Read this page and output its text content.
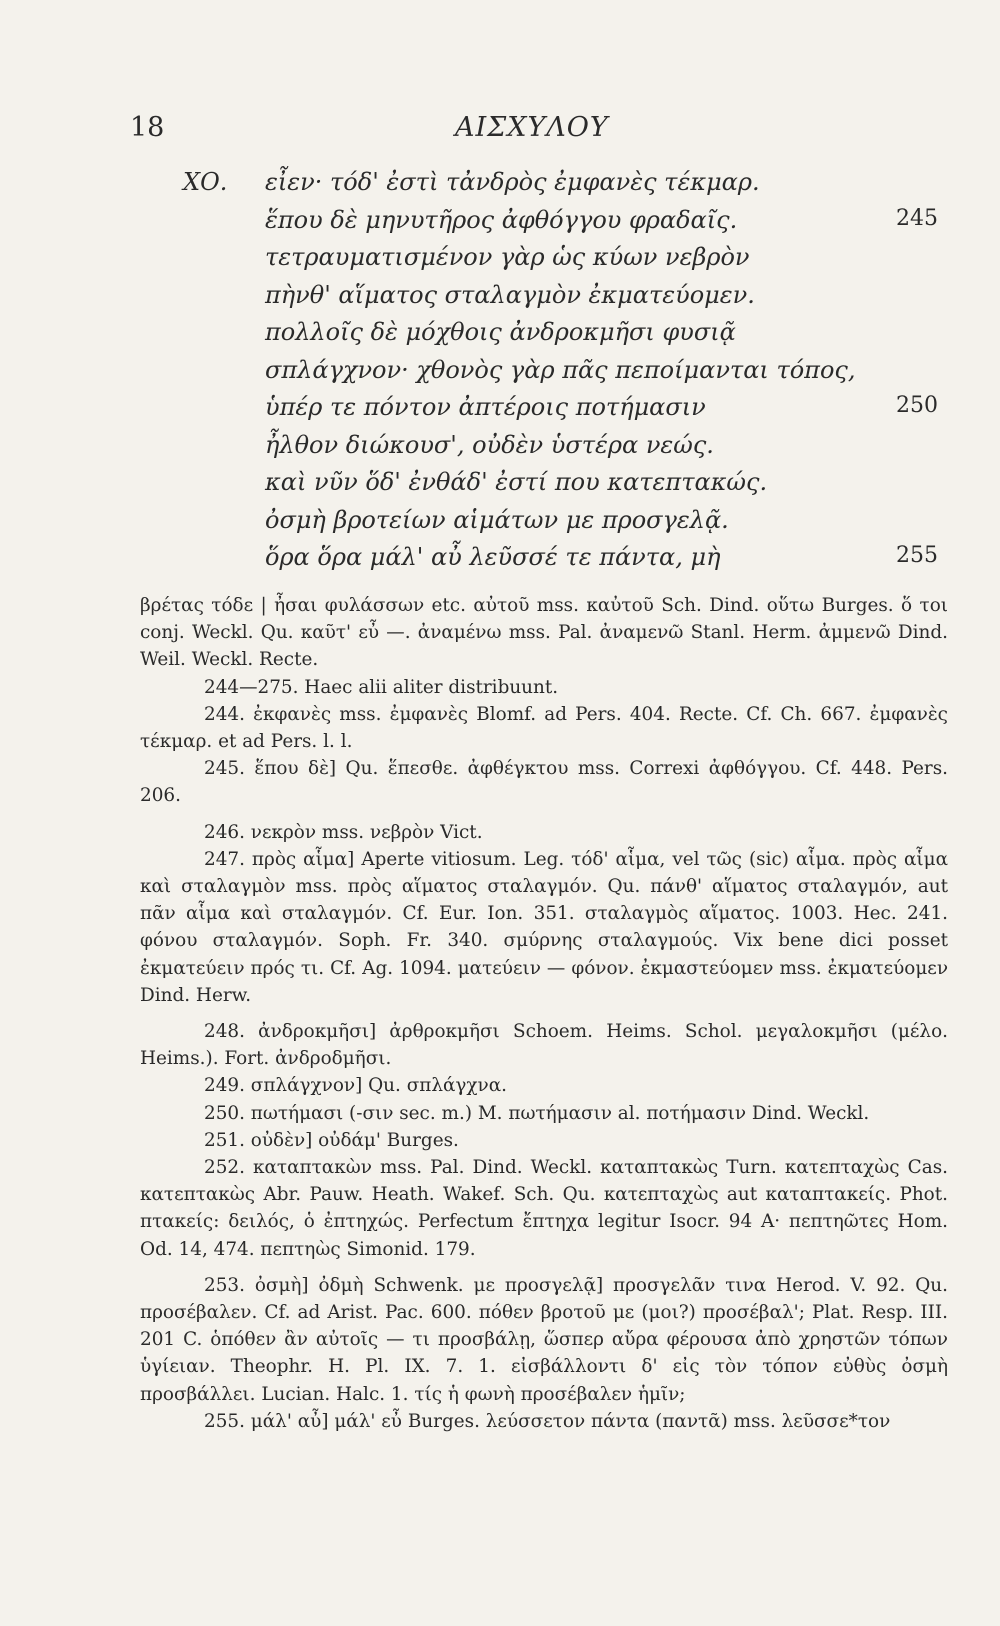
18	ΑΙΣΧΥΛΟΥ
ΧΟ. εἶεν· τόδ' ἐστὶ τἀνδρὸς ἐμφανὲς τέκμαρ.
ἕπου δὲ μηνυτῆρος ἀφθόγγου φραδαῖς.	245
τετραυματισμένον γὰρ ὡς κύων νεβρὸν
πὴνθ' αἵματος σταλαγμὸν ἐκματεύομεν.
πολλοῖς δὲ μόχθοις ἀνδροκμῆσι φυσιᾷ
σπλάγχνον· χθονὸς γὰρ πᾶς πεποίμανται τόπος,
ὑπέρ τε πόντον ἀπτέροις ποτήμασιν	250
ἦλθον διώκουσ', οὐδὲν ὑστέρα νεώς.
καὶ νῦν ὅδ' ἐνθάδ' ἐστί που κατεπτακώς.
ὀσμὴ βροτείων αἱμάτων με προσγελᾷ.
ὅρα ὅρα μάλ' αὖ λεῦσσέ τε πάντα, μὴ	255

βρέτας τόδε | ἦσαι φυλάσσων etc. αὐτοῦ mss. καὐτοῦ Sch. Dind. οὕτω Burges. ὅ τοι conj. Weckl. Qu. καῦτ' εὖ —. ἀναμένω mss. Pal. ἀναμενῶ Stanl. Herm. ἀμμενῶ Dind. Weil. Weckl. Recte.

244—275. Haec alii aliter distribuunt.

244. ἐκφανὲς mss. ἐμφανὲς Blomf. ad Pers. 404. Recte. Cf. Ch. 667. ἐμφανὲς τέκμαρ. et ad Pers. l. l.

245. ἕπου δὲ] Qu. ἕπεσθε. ἀφθέγκτου mss. Correxi ἀφθόγγου. Cf. 448. Pers. 206.

246. νεκρὸν mss. νεβρὸν Vict.

247. πρὸς αἷμα] Aperte vitiosum. Leg. τόδ' αἷμα, vel τῶς (sic) αἷμα. πρὸς αἷμα καὶ σταλαγμὸν mss. πρὸς αἵματος σταλαγμόν. Qu. πάνθ' αἵματος σταλαγμόν, aut πᾶν αἷμα καὶ σταλαγμόν. Cf. Eur. Ion. 351. σταλαγμὸς αἵματος. 1003. Hec. 241. φόνου σταλαγμόν. Soph. Fr. 340. σμύρνης σταλαγμούς. Vix bene dici posset ἐκματεύειν πρός τι. Cf. Ag. 1094. ματεύειν — φόνον. ἐκμαστεύομεν mss. ἐκματεύομεν Dind. Herw.

248. ἀνδροκμῆσι] ἀρθροκμῆσι Schoem. Heims. Schol. μεγαλοκμῆσι (μέλο. Heims.). Fort. ἀνδροδμῆσι.

249. σπλάγχνον] Qu. σπλάγχνα.

250. πωτήμασι (-σιν sec. m.) M. πωτήμασιν al. ποτήμασιν Dind. Weckl.

251. οὐδὲν] οὐδάμ' Burges.

252. καταπτακὼν mss. Pal. Dind. Weckl. καταπτακὼς Turn. κατεπταχὼς Cas. κατεπτακὼς Abr. Pauw. Heath. Wakef. Sch. Qu. κατεπταχὼς aut καταπτακείς. Phot. πτακείς: δειλός, ὁ ἐπτηχώς. Perfectum ἔπτηχα legitur Isocr. 94 A· πεπτηῶτες Hom. Od. 14, 474. πεπτηὼς Simonid. 179.

253. ὀσμὴ] ὀδμὴ Schwenk. με προσγελᾷ] προσγελᾶν τινα Herod. V. 92. Qu. προσέβαλεν. Cf. ad Arist. Pac. 600. πόθεν βροτοῦ με (μοι?) προσέβαλ'; Plat. Resp. III. 201 C. ὁπόθεν ἂν αὐτοῖς — τι προσβάλῃ, ὥσπερ αὔρα φέρουσα ἀπὸ χρηστῶν τόπων ὑγίειαν. Theophr. H. Pl. IX. 7. 1. εἰσβάλλοντι δ' εἰς τὸν τόπον εὐθὺς ὀσμὴ προσβάλλει. Lucian. Halc. 1. τίς ἡ φωνὴ προσέβαλεν ἡμῖν;

255. μάλ' αὖ] μάλ' εὖ Burges. λεύσσετον πάντα (παντᾶ) mss. λεῦσσε*τον
